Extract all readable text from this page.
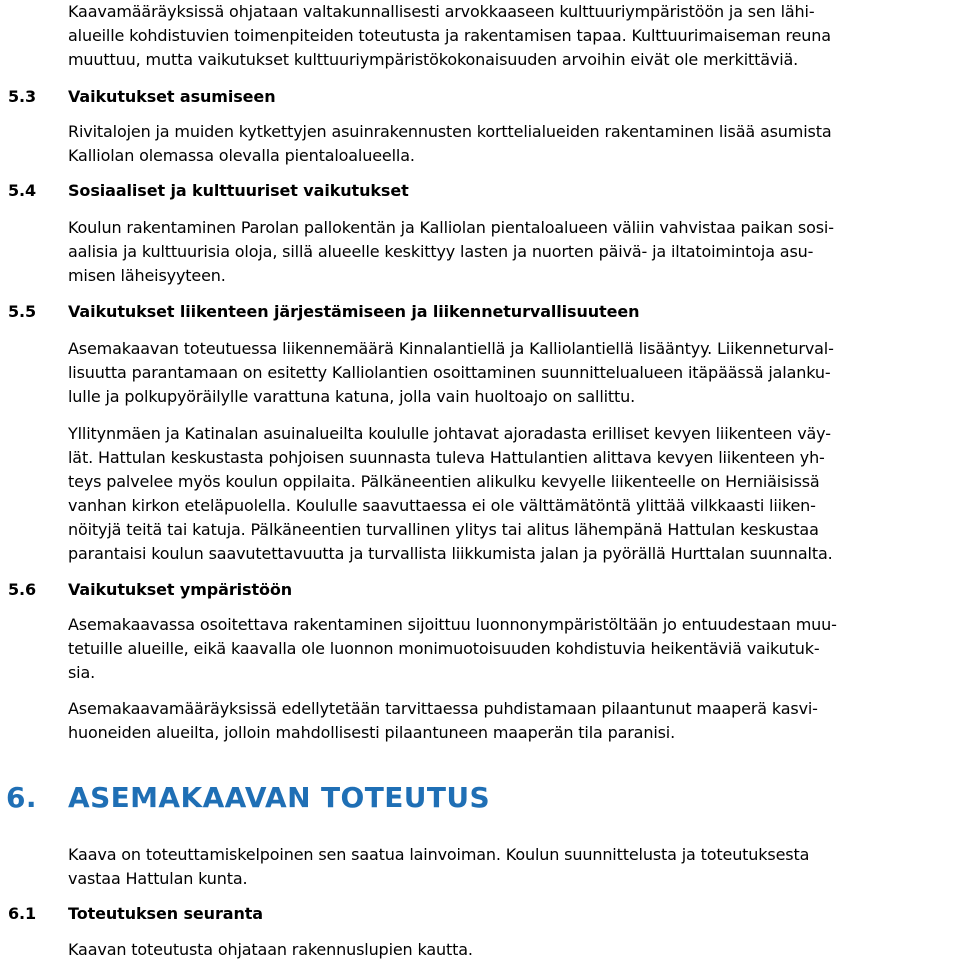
Kaavamääräyksissä ohjataan valtakunnallisesti arvokkaaseen kulttuuriympäristöön ja sen lähi-
alueille kohdistuvien toimenpiteiden toteutusta ja rakentamisen tapaa. Kulttuurimaiseman reuna
muuttuu, mutta vaikutukset kulttuuriympäristökokonaisuuden arvoihin eivät ole merkittäviä.
5.3 Vaikutukset asumiseen
Rivitalojen ja muiden kytkettyjen asuinrakennusten korttelialueiden rakentaminen lisää asumista
Kalliolan olemassa olevalla pientaloalueella.
5.4 Sosiaaliset ja kulttuuriset vaikutukset
Koulun rakentaminen Parolan pallokentän ja Kalliolan pientaloalueen väliin vahvistaa paikan sosi-
aalisia ja kulttuurisia oloja, sillä alueelle keskittyy lasten ja nuorten päivä- ja iltatoimintoja asu-
misen läheisyyteen.
5.5 Vaikutukset liikenteen järjestämiseen ja liikenneturvallisuuteen
Asemakaavan toteutuessa liikennemäärä Kinnalantiellä ja Kalliolantiellä lisääntyy. Liikenneturval-
lisuutta parantamaan on esitetty Kalliolantien osoittaminen suunnittelualueen itäpäässä jalanku-
lulle ja polkupyöräilylle varattuna katuna, jolla vain huoltoajo on sallittu.
Yllitynmäen ja Katinalan asuinalueilta koululle johtavat ajoradasta erilliset kevyen liikenteen väy-
lät. Hattulan keskustasta pohjoisen suunnasta tuleva Hattulantien alittava kevyen liikenteen yh-
teys palvelee myös koulun oppilaita. Pälkäneentien alikulku kevyelle liikenteelle on Herniäisissä
vanhan kirkon eteläpuolella. Koululle saavuttaessa ei ole välttämätöntä ylittää vilkkaasti liiken-
nöityjä teitä tai katuja. Pälkäneentien turvallinen ylitys tai alitus lähempänä Hattulan keskustaa
parantaisi koulun saavutettavuutta ja turvallista liikkumista jalan ja pyörällä Hurttalan suunnalta.
5.6 Vaikutukset ympäristöön
Asemakaavassa osoitettava rakentaminen sijoittuu luonnonympäristöltään jo entuudestaan muu-
tetuille alueille, eikä kaavalla ole luonnon monimuotoisuuden kohdistuvia heikentäviä vaikutuk-
sia.
Asemakaavamääräyksissä edellytetään tarvittaessa puhdistamaan pilaantunut maaperä kasvi-
huoneiden alueilta, jolloin mahdollisesti pilaantuneen maaperän tila paranisi.
6. ASEMAKAAVAN TOTEUTUS
Kaava on toteuttamiskelpoinen sen saatua lainvoiman. Koulun suunnittelusta ja toteutuksesta
vastaa Hattulan kunta.
6.1 Toteutuksen seuranta
Kaavan toteutusta ohjataan rakennuslupien kautta.
